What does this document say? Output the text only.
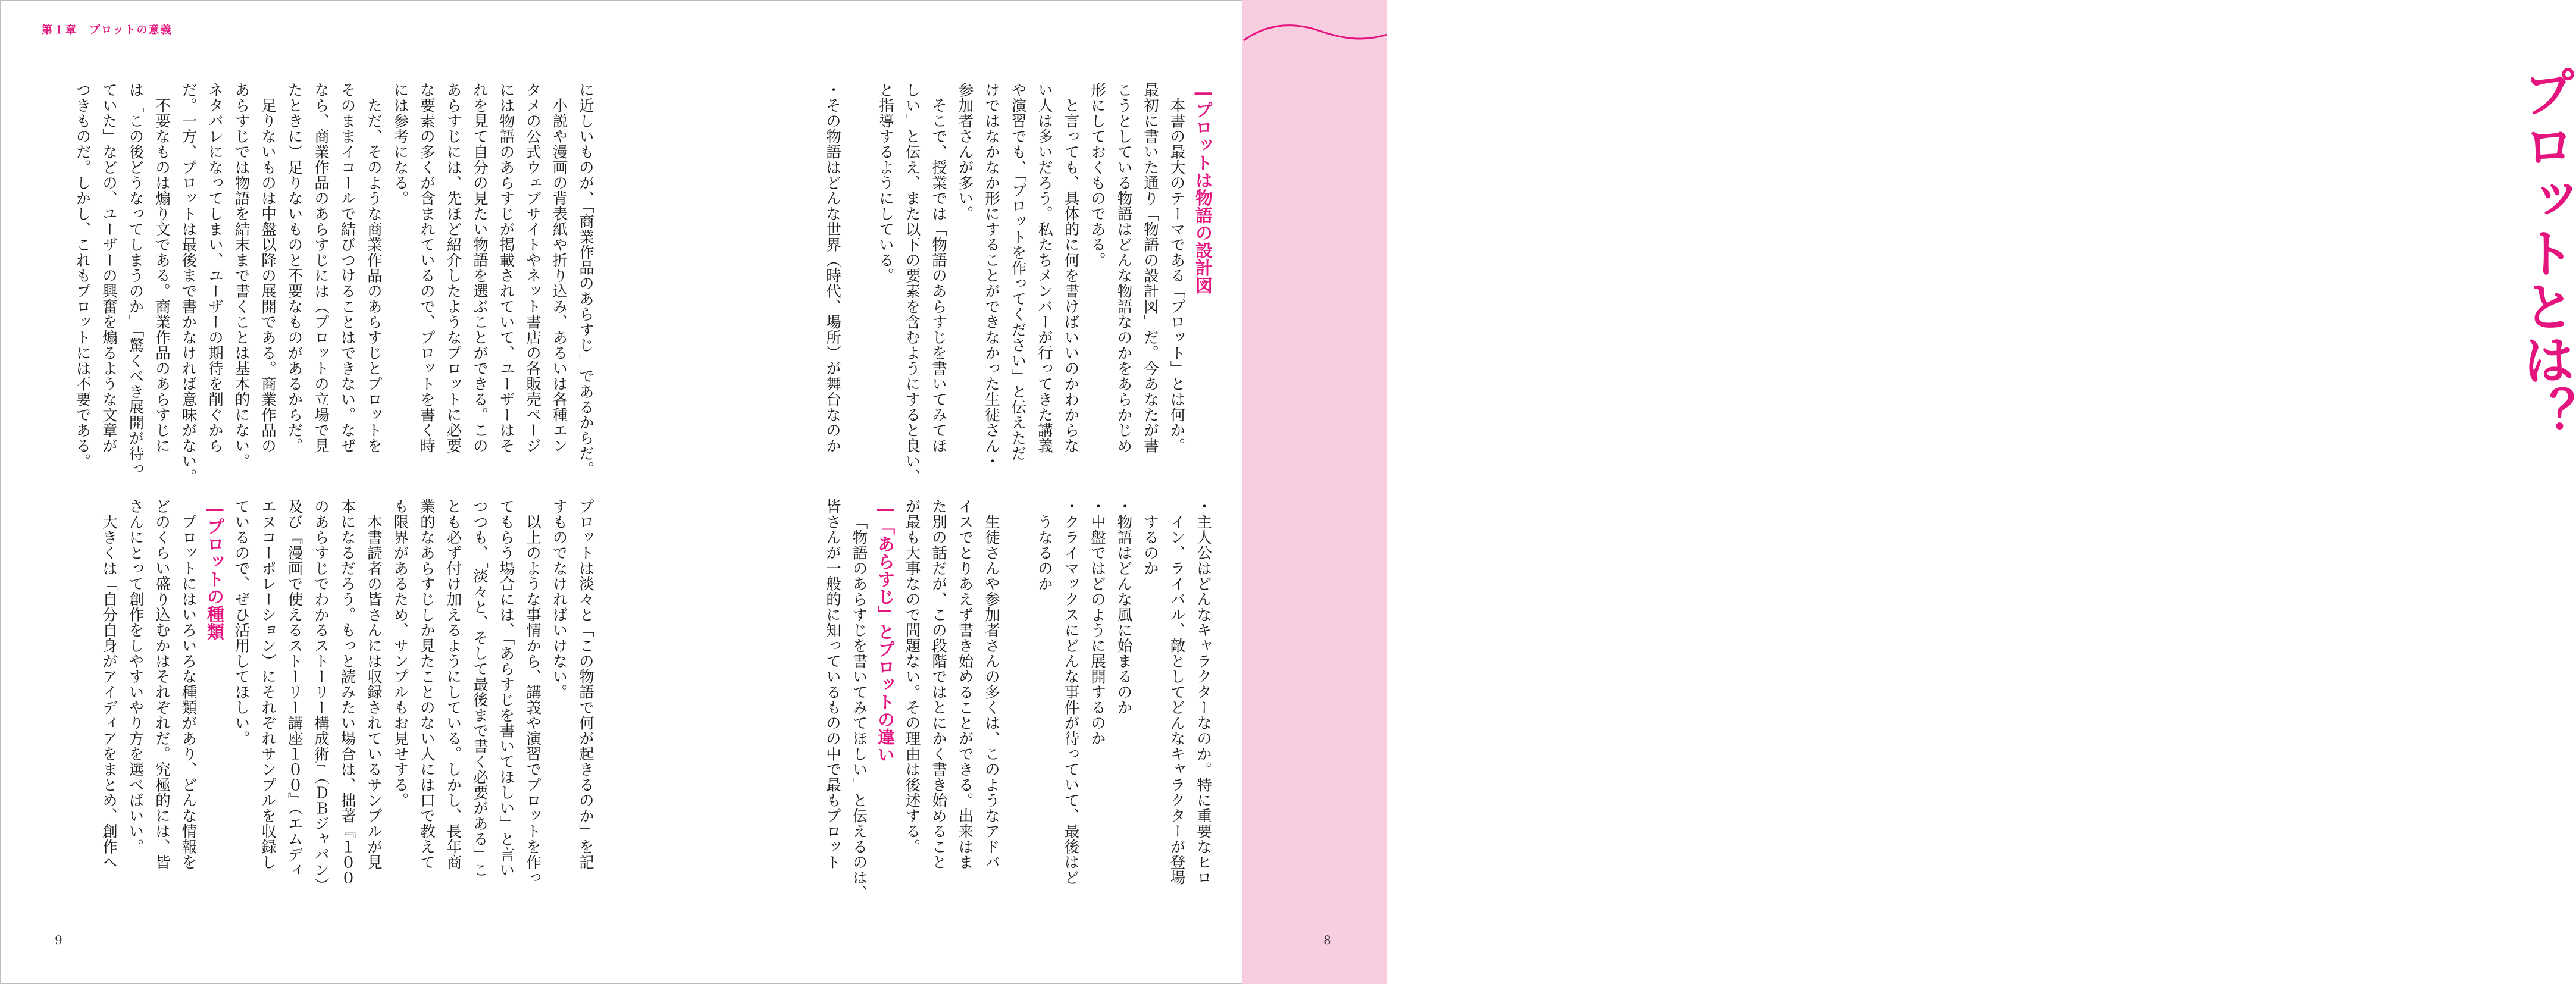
第１章　プロットの意義
プロットとは？
―プロットは物語の設計図
本書の最大のテーマである「プロット」とは何か。
最初に書いた通り「物語の設計図」だ。今あなたが書
こうとしている物語はどんな物語なのかをあらかじめ
形にしておくものである。
と言っても、具体的に何を書けばいいのかわからな
い人は多いだろう。私たちメンバーが行ってきた講義
や演習でも、「プロットを作ってください」と伝えただ
けではなかなか形にすることができなかった生徒さん・
参加者さんが多い。
そこで、授業では「物語のあらすじを書いてみてほ
しい」と伝え、また以下の要素を含むようにすると良い、
と指導するようにしている。

・その物語はどんな世界（時代、場所）が舞台なのか
・主人公はどんなキャラクターなのか。特に重要なヒロ
　イン、ライバル、敵としてどんなキャラクターが登場
　するのか
・物語はどんな風に始まるのか
・中盤ではどのように展開するのか
・クライマックスにどんな事件が待っていて、最後はど
　うなるのか

生徒さんや参加者さんの多くは、このようなアドバ
イスでとりあえず書き始めることができる。出来はま
た別の話だが、この段階ではとにかく書き始めること
が最も大事なので問題ない。その理由は後述する。
―「あらすじ」とプロットの違い
「物語のあらすじを書いてみてほしい」と伝えるのは、
皆さんが一般的に知っているものの中で最もプロット
に近しいものが、「商業作品のあらすじ」であるからだ。
小説や漫画の背表紙や折り込み、あるいは各種エン
タメの公式ウェブサイトやネット書店の各販売ページ
には物語のあらすじが掲載されていて、ユーザーはそ
れを見て自分の見たい物語を選ぶことができる。この
あらすじには、先ほど紹介したようなプロットに必要
な要素の多くが含まれているので、プロットを書く時
には参考になる。
ただ、そのような商業作品のあらすじとプロットを
そのままイコールで結びつけることはできない。なぜ
なら、商業作品のあらすじには（プロットの立場で見
たときに）足りないものと不要なものがあるからだ。
足りないものは中盤以降の展開である。商業作品の
あらすじでは物語を結末まで書くことは基本的にない。
ネタバレになってしまい、ユーザーの期待を削ぐから
だ。一方、プロットは最後まで書かなければ意味がない。
不要なものは煽り文である。商業作品のあらすじに
は「この後どうなってしまうのか」「驚くべき展開が待っ
ていた」などの、ユーザーの興奮を煽るような文章が
つきものだ。しかし、これもプロットには不要である。
プロットは淡々と「この物語で何が起きるのか」を記
すものでなければいけない。
以上のような事情から、講義や演習でプロットを作っ
てもらう場合には、「あらすじを書いてほしい」と言い
つつも、「淡々と、そして最後まで書く必要がある」こ
とも必ず付け加えるようにしている。しかし、長年商
業的なあらすじしか見たことのない人には口で教えて
も限界があるため、サンプルもお見せする。
本書読者の皆さんには収録されているサンプルが見
本になるだろう。もっと読みたい場合は、拙著『１００
のあらすじでわかるストーリー構成術』（ＤＢジャパン）
及び『漫画で使えるストーリー講座１００』（エムディ
エヌコーポレーション）にそれぞれサンプルを収録し
ているので、ぜひ活用してほしい。
―プロットの種類
プロットにはいろいろな種類があり、どんな情報を
どのくらい盛り込むかはそれぞれだ。究極的には、皆
さんにとって創作をしやすいやり方を選べばいい。
大きくは「自分自身がアイディアをまとめ、創作へ
9	8
